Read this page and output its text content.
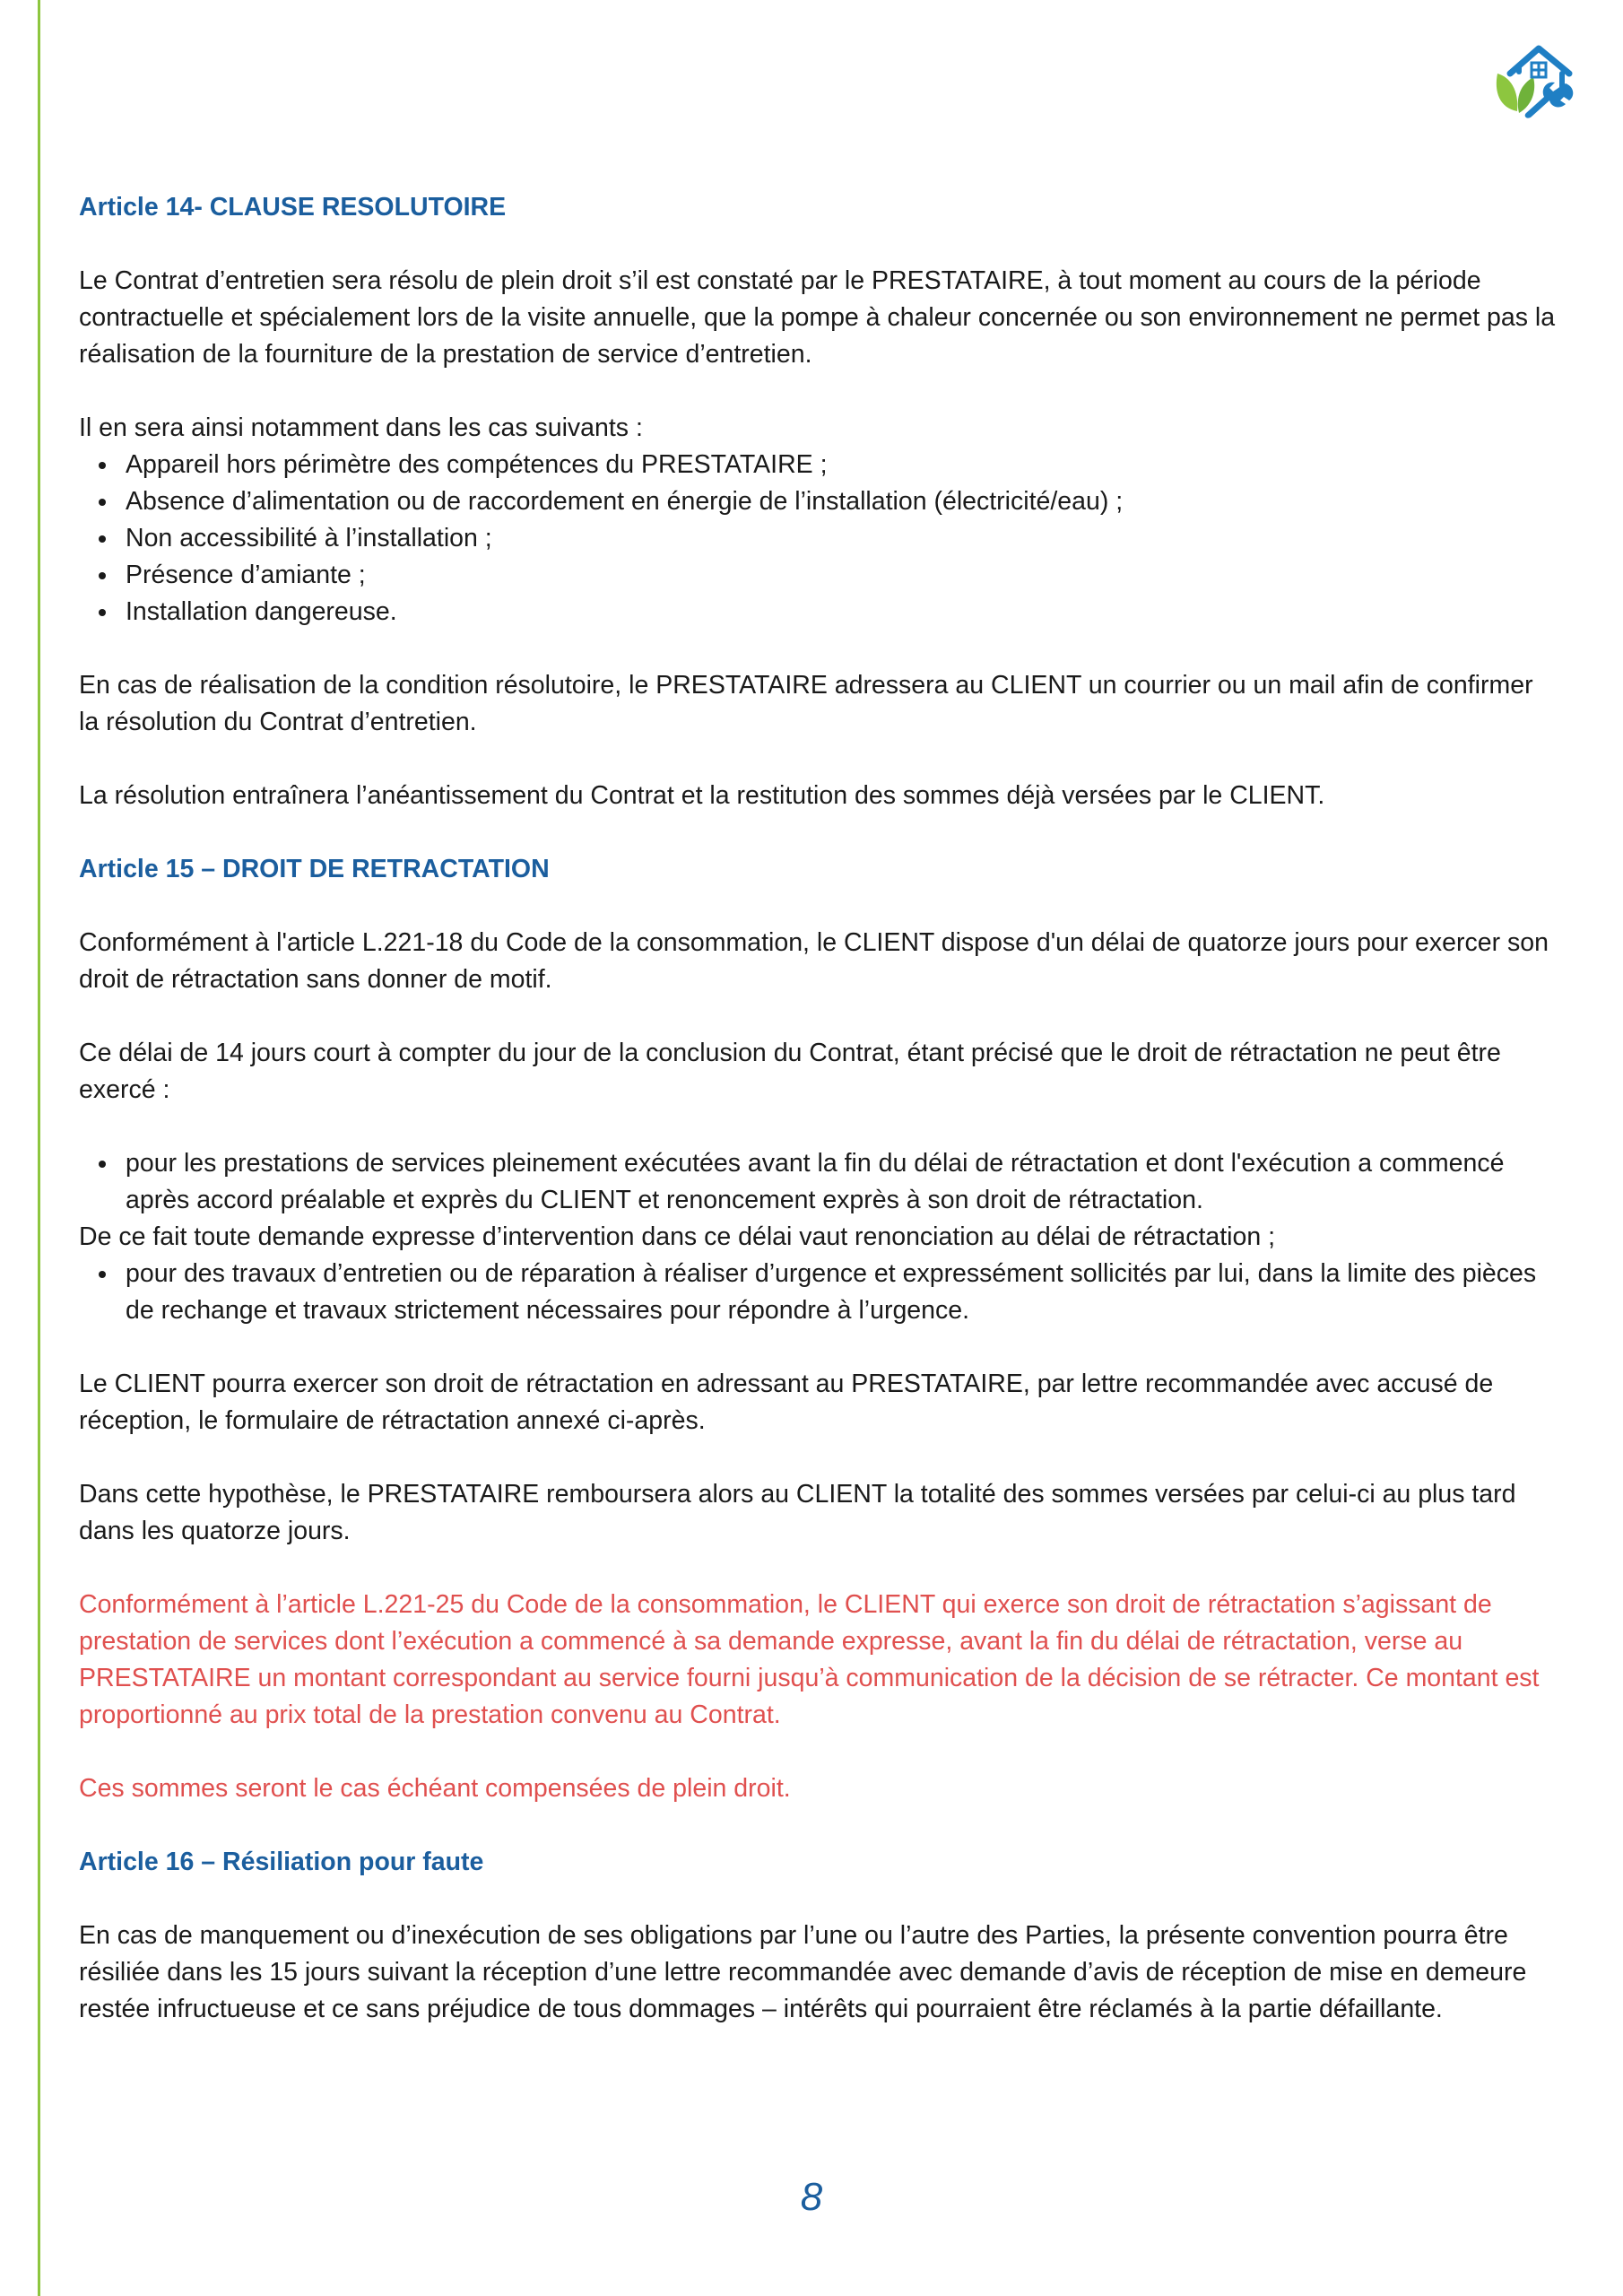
Article 14- CLAUSE RESOLUTOIRE

Le Contrat d’entretien sera résolu de plein droit s’il est constaté par le PRESTATAIRE, à tout moment au cours de la période contractuelle et spécialement lors de la visite annuelle, que la pompe à chaleur concernée ou son environnement ne permet pas la réalisation de la fourniture de la prestation de service d’entretien.

Il en sera ainsi notamment dans les cas suivants :

Appareil hors périmètre des compétences du PRESTATAIRE ;
Absence d’alimentation ou de raccordement en énergie de l’installation (électricité/eau) ;
Non accessibilité à l’installation ;
Présence d’amiante ;
Installation dangereuse.

En cas de réalisation de la condition résolutoire, le PRESTATAIRE adressera au CLIENT un courrier ou un mail afin de confirmer la résolution du Contrat d’entretien.

La résolution entraînera l’anéantissement du Contrat et la restitution des sommes déjà versées par le CLIENT.

Article 15 – DROIT DE RETRACTATION

Conformément à l'article L.221-18 du Code de la consommation, le CLIENT dispose d'un délai de quatorze jours pour exercer son droit de rétractation sans donner de motif.

Ce délai de 14 jours court à compter du jour de la conclusion du Contrat, étant précisé que le droit de rétractation ne peut être exercé :

pour les prestations de services pleinement exécutées avant la fin du délai de rétractation et dont l'exécution a commencé après accord préalable et exprès du CLIENT et renoncement exprès à son droit de rétractation.

De ce fait toute demande expresse d’intervention dans ce délai vaut renonciation au délai de rétractation ;

pour des travaux d’entretien ou de réparation à réaliser d’urgence et expressément sollicités par lui, dans la limite des pièces de rechange et travaux strictement nécessaires pour répondre à l’urgence.

Le CLIENT pourra exercer son droit de rétractation en adressant au PRESTATAIRE, par lettre recommandée avec accusé de réception, le formulaire de rétractation annexé ci-après.

Dans cette hypothèse, le PRESTATAIRE remboursera alors au CLIENT la totalité des sommes versées par celui-ci au plus tard dans les quatorze jours.

Conformément à l’article L.221-25 du Code de la consommation, le CLIENT qui exerce son droit de rétractation s’agissant de prestation de services dont l’exécution a commencé à sa demande expresse, avant la fin du délai de rétractation, verse au PRESTATAIRE un montant correspondant au service fourni jusqu’à communication de la décision de se rétracter. Ce montant est proportionné au prix total de la prestation convenu au Contrat.

Ces sommes seront le cas échéant compensées de plein droit.

Article 16 – Résiliation pour faute

En cas de manquement ou d’inexécution de ses obligations par l’une ou l’autre des Parties, la présente convention pourra être résiliée dans les 15 jours suivant la réception d’une lettre recommandée avec demande d’avis de réception de mise en demeure restée infructueuse et ce sans préjudice de tous dommages – intérêts qui pourraient être réclamés à la partie défaillante.

8
